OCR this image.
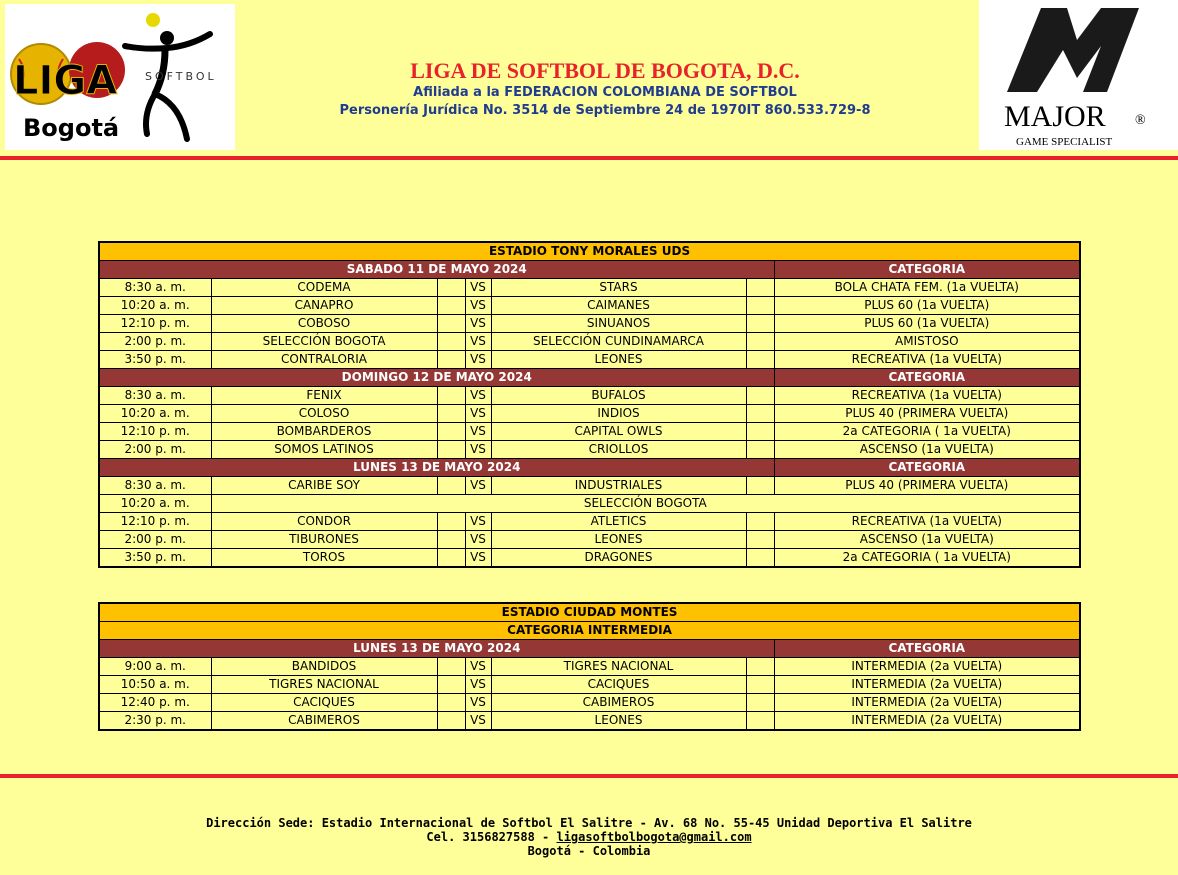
LIGA	SÓFTBOL
Bogotá	MAJOR ®
GAME SPECIALIST
LIGA DE SOFTBOL DE BOGOTA, D.C.
Afiliada a la FEDERACION COLOMBIANA DE SOFTBOL
Personería Jurídica No. 3514 de Septiembre 24 de 1970IT 860.533.729-8
ESTADIO TONY MORALES UDS						
SABADO 11 DE MAYO 2024						CATEGORIA
8:30 a. m.	CODEMA		VS	STARS		BOLA CHATA FEM. (1a VUELTA)
10:20 a. m.	CANAPRO		VS	CAIMANES		PLUS 60 (1a VUELTA)
12:10 p. m.	COBOSO		VS	SINUANOS		PLUS 60 (1a VUELTA)
2:00 p. m.	SELECCIÓN BOGOTA		VS	SELECCIÓN CUNDINAMARCA		AMISTOSO
3:50 p. m.	CONTRALORIA		VS	LEONES		RECREATIVA (1a VUELTA)
DOMINGO 12 DE MAYO 2024						CATEGORIA
8:30 a. m.	FENIX		VS	BUFALOS		RECREATIVA (1a VUELTA)
10:20 a. m.	COLOSO		VS	INDIOS		PLUS 40 (PRIMERA VUELTA)
12:10 p. m.	BOMBARDEROS		VS	CAPITAL OWLS		2a CATEGORIA ( 1a VUELTA)
2:00 p. m.	SOMOS LATINOS		VS	CRIOLLOS		ASCENSO (1a VUELTA)
LUNES 13 DE MAYO 2024						CATEGORIA
8:30 a. m.	CARIBE SOY		VS	INDUSTRIALES		PLUS 40 (PRIMERA VUELTA)
10:20 a. m.	SELECCIÓN BOGOTA					
12:10 p. m.	CONDOR		VS	ATLETICS		RECREATIVA (1a VUELTA)
2:00 p. m.	TIBURONES		VS	LEONES		ASCENSO (1a VUELTA)
3:50 p. m.	TOROS		VS	DRAGONES		2a CATEGORIA ( 1a VUELTA)
ESTADIO CIUDAD MONTES						
CATEGORIA INTERMEDIA						
LUNES 13 DE MAYO 2024						CATEGORIA
9:00 a. m.	BANDIDOS		VS	TIGRES NACIONAL		INTERMEDIA (2a VUELTA)
10:50 a. m.	TIGRES NACIONAL		VS	CACIQUES		INTERMEDIA (2a VUELTA)
12:40 p. m.	CACIQUES		VS	CABIMEROS		INTERMEDIA (2a VUELTA)
2:30 p. m.	CABIMEROS		VS	LEONES		INTERMEDIA (2a VUELTA)
Dirección Sede: Estadio Internacional de Softbol El Salitre - Av. 68 No. 55-45 Unidad Deportiva El Salitre
Cel. 3156827588 - ligasoftbolbogota@gmail.com
Bogotá - Colombia
